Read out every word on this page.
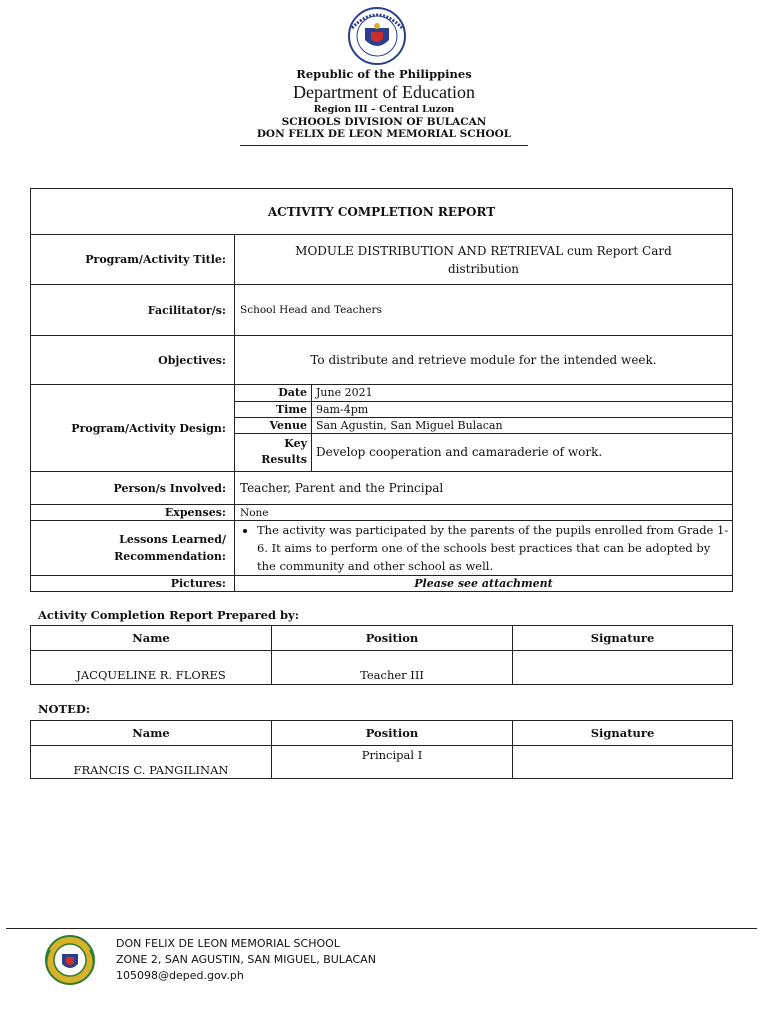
Republic of the Philippines
Department of Education
Region III – Central Luzon
SCHOOLS DIVISION OF BULACAN
DON FELIX DE LEON MEMORIAL SCHOOL
ACTIVITY COMPLETION REPORT
Program/Activity Title:	MODULE DISTRIBUTION AND RETRIEVAL cum Report Card distribution
Facilitator/s:	School Head and Teachers
Objectives:	To distribute and retrieve module for the intended week.
Program/Activity Design:	
Date	June 2021
Time	9am-4pm
Venue	San Agustin, San Miguel Bulacan
Key Results	Develop cooperation and camaraderie of work.

Person/s Involved:	Teacher, Parent and the Principal
Expenses:	None
Lessons Learned/ Recommendation:	
• The activity was participated by the parents of the pupils enrolled from Grade 1-6. It aims to perform one of the schools best practices that can be adopted by the community and other school as well.

Pictures:	Please see attachment
Activity Completion Report Prepared by:
Name	Position	Signature
JACQUELINE R. FLORES	Teacher III	
NOTED:
Name	Position	Signature
FRANCIS C. PANGILINAN	Principal I	
DON FELIX DE LEON MEMORIAL SCHOOL
ZONE 2, SAN AGUSTIN, SAN MIGUEL, BULACAN
105098@deped.gov.ph
